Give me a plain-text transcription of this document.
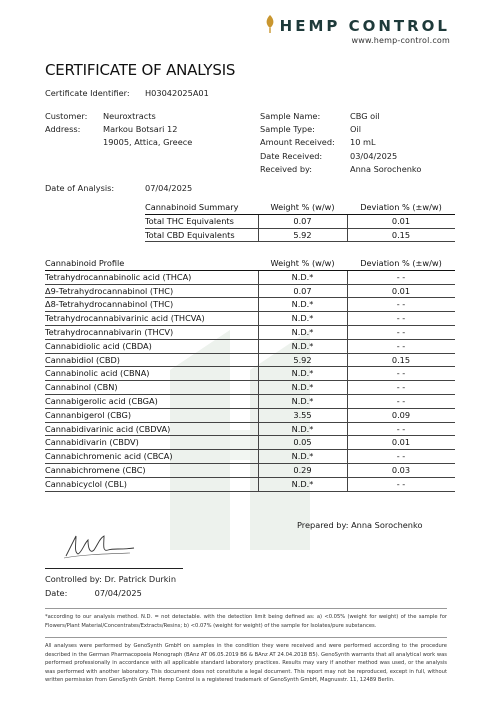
HEMP CONTROL
www.hemp-control.com
CERTIFICATE OF ANALYSIS
Certificate Identifier: H03042025A01
Customer: Neuroxtracts
Address:	Markou Botsari 12
19005, Attica, Greece
Sample Name:	CBG oil
Sample Type:	Oil
Amount Received: 10 mL
Date Received:	03/04/2025
Received by:	Anna Sorochenko
Date of Analysis:	07/04/2025
Cannabinoid Summary	Weight % (w/w)	Deviation % (±w/w)
Total THC Equivalents	0.07	0.01
Total CBD Equivalents	5.92	0.15
Cannabinoid Profile	Weight % (w/w)	Deviation % (±w/w)
Tetrahydrocannabinolic acid (THCA)	N.D.*	- -
Δ9-Tetrahydrocannabinol (THC)	0.07	0.01
Δ8-Tetrahydrocannabinol (THC)	N.D.*	- -
Tetrahydrocannabivarinic acid (THCVA)	N.D.*	- -
Tetrahydrocannabivarin (THCV)	N.D.*	- -
Cannabidiolic acid (CBDA)	N.D.*	- -
Cannabidiol (CBD)	5.92	0.15
Cannabinolic acid (CBNA)	N.D.*	- -
Cannabinol (CBN)	N.D.*	- -
Cannabigerolic acid (CBGA)	N.D.*	- -
Cannanbigerol (CBG)	3.55	0.09
Cannabidivarinic acid (CBDVA)	N.D.*	- -
Cannabidivarin (CBDV)	0.05	0.01
Cannabichromenic acid (CBCA)	N.D.*	- -
Cannabichromene (CBC)	0.29	0.03
Cannabicyclol (CBL)	N.D.*	- -
Prepared by: Anna Sorochenko
Controlled by: Dr. Patrick Durkin
Date:	07/04/2025
*according to our analysis method. N.D. = not detectable. with the detection limit being defined as: a) <0.05% (weight for weight) of the sample for Flowers/Plant Material/Concentrates/Extracts/Resins; b) <0.07% (weight for weight) of the sample for Isolates/pure substances.
All analyses were performed by GenoSynth GmbH on samples in the condition they were received and were performed according to the procedure described in the German Pharmacopoeia Monograph (BAnz AT 06.05.2019 B6 & BAnz AT 24.04.2018 B5). GenoSynth warrants that all analytical work was performed professionally in accordance with all applicable standard laboratory practices. Results may vary if another method was used, or the analysis was performed with another laboratory. This document does not constitute a legal document. This report may not be reproduced, except in full, without written permission from GenoSynth GmbH. Hemp Control is a registered trademark of GenoSynth GmbH, Magnusstr. 11, 12489 Berlin.
